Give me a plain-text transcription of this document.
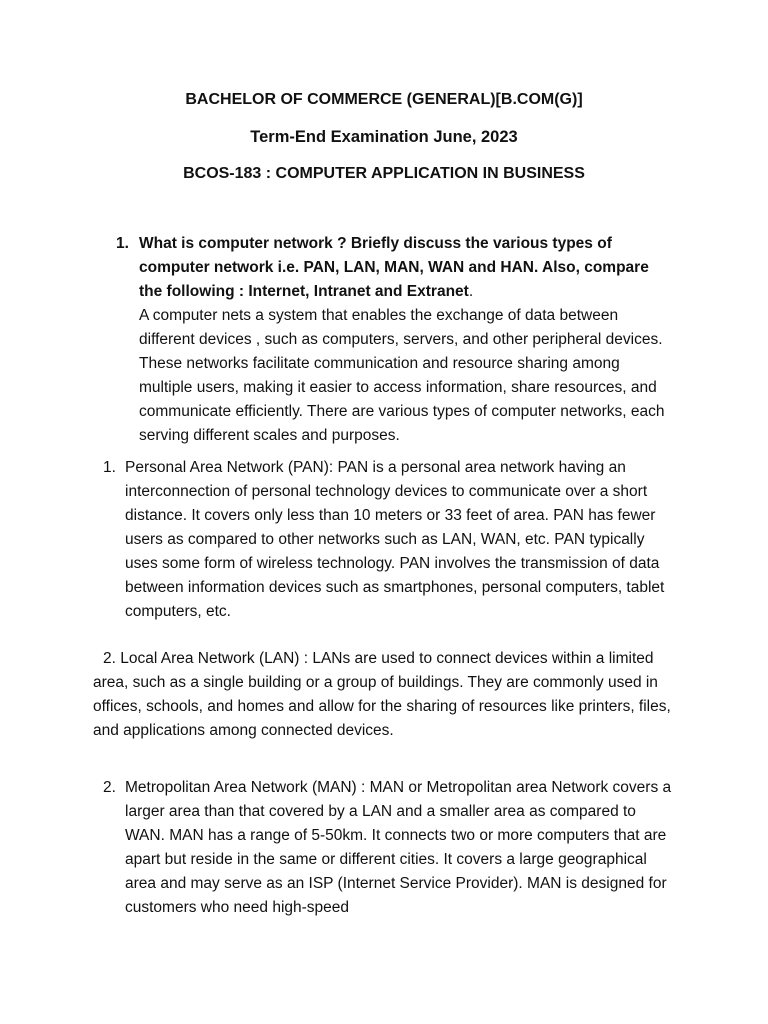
BACHELOR OF COMMERCE (GENERAL)[B.COM(G)]
Term-End Examination June, 2023
BCOS-183 : COMPUTER APPLICATION IN BUSINESS
1. What is computer network ? Briefly discuss the various types of computer network i.e. PAN, LAN, MAN, WAN and HAN. Also, compare the following : Internet, Intranet and Extranet.
A computer nets a system that enables the exchange of data between different devices , such as computers, servers, and other peripheral devices. These networks facilitate communication and resource sharing among multiple users, making it easier to access information, share resources, and communicate efficiently. There are various types of computer networks, each serving different scales and purposes.
1. Personal Area Network (PAN): PAN is a personal area network having an interconnection of personal technology devices to communicate over a short distance. It covers only less than 10 meters or 33 feet of area. PAN has fewer users as compared to other networks such as LAN, WAN, etc. PAN typically uses some form of wireless technology. PAN involves the transmission of data between information devices such as smartphones, personal computers, tablet computers, etc.
2. Local Area Network (LAN) : LANs are used to connect devices within a limited area, such as a single building or a group of buildings. They are commonly used in offices, schools, and homes and allow for the sharing of resources like printers, files, and applications among connected devices.
2. Metropolitan Area Network (MAN) : MAN or Metropolitan area Network covers a larger area than that covered by a LAN and a smaller area as compared to WAN. MAN has a range of 5-50km. It connects two or more computers that are apart but reside in the same or different cities. It covers a large geographical area and may serve as an ISP (Internet Service Provider). MAN is designed for customers who need high-speed
